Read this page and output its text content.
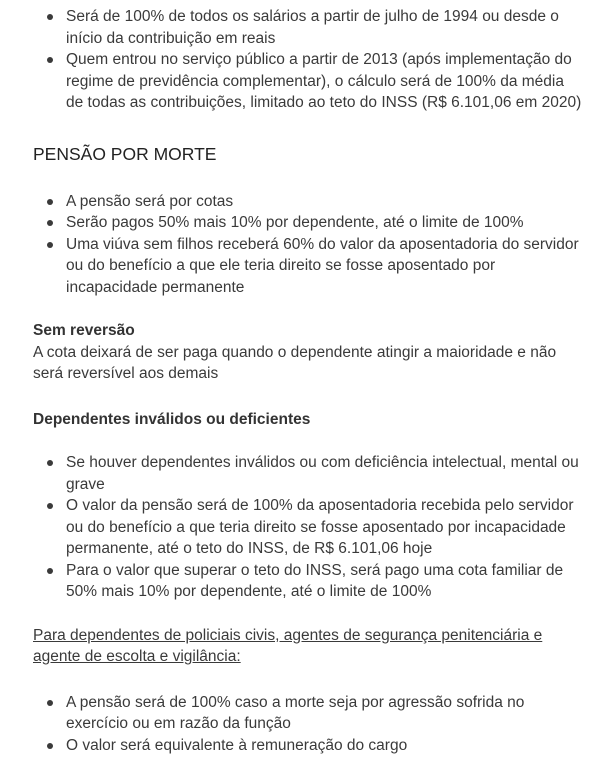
Será de 100% de todos os salários a partir de julho de 1994 ou desde o início da contribuição em reais
Quem entrou no serviço público a partir de 2013 (após implementação do regime de previdência complementar), o cálculo será de 100% da média de todas as contribuições, limitado ao teto do INSS (R$ 6.101,06 em 2020)
PENSÃO POR MORTE
A pensão será por cotas
Serão pagos 50% mais 10% por dependente, até o limite de 100%
Uma viúva sem filhos receberá 60% do valor da aposentadoria do servidor ou do benefício a que ele teria direito se fosse aposentado por incapacidade permanente
Sem reversão

A cota deixará de ser paga quando o dependente atingir a maioridade e não será reversível aos demais

Dependentes inválidos ou deficientes
Se houver dependentes inválidos ou com deficiência intelectual, mental ou grave
O valor da pensão será de 100% da aposentadoria recebida pelo servidor ou do benefício a que teria direito se fosse aposentado por incapacidade permanente, até o teto do INSS, de R$ 6.101,06 hoje
Para o valor que superar o teto do INSS, será pago uma cota familiar de 50% mais 10% por dependente, até o limite de 100%

Para dependentes de policiais civis, agentes de segurança penitenciária e agente de escolta e vigilância:

A pensão será de 100% caso a morte seja por agressão sofrida no exercício ou em razão da função
O valor será equivalente à remuneração do cargo
